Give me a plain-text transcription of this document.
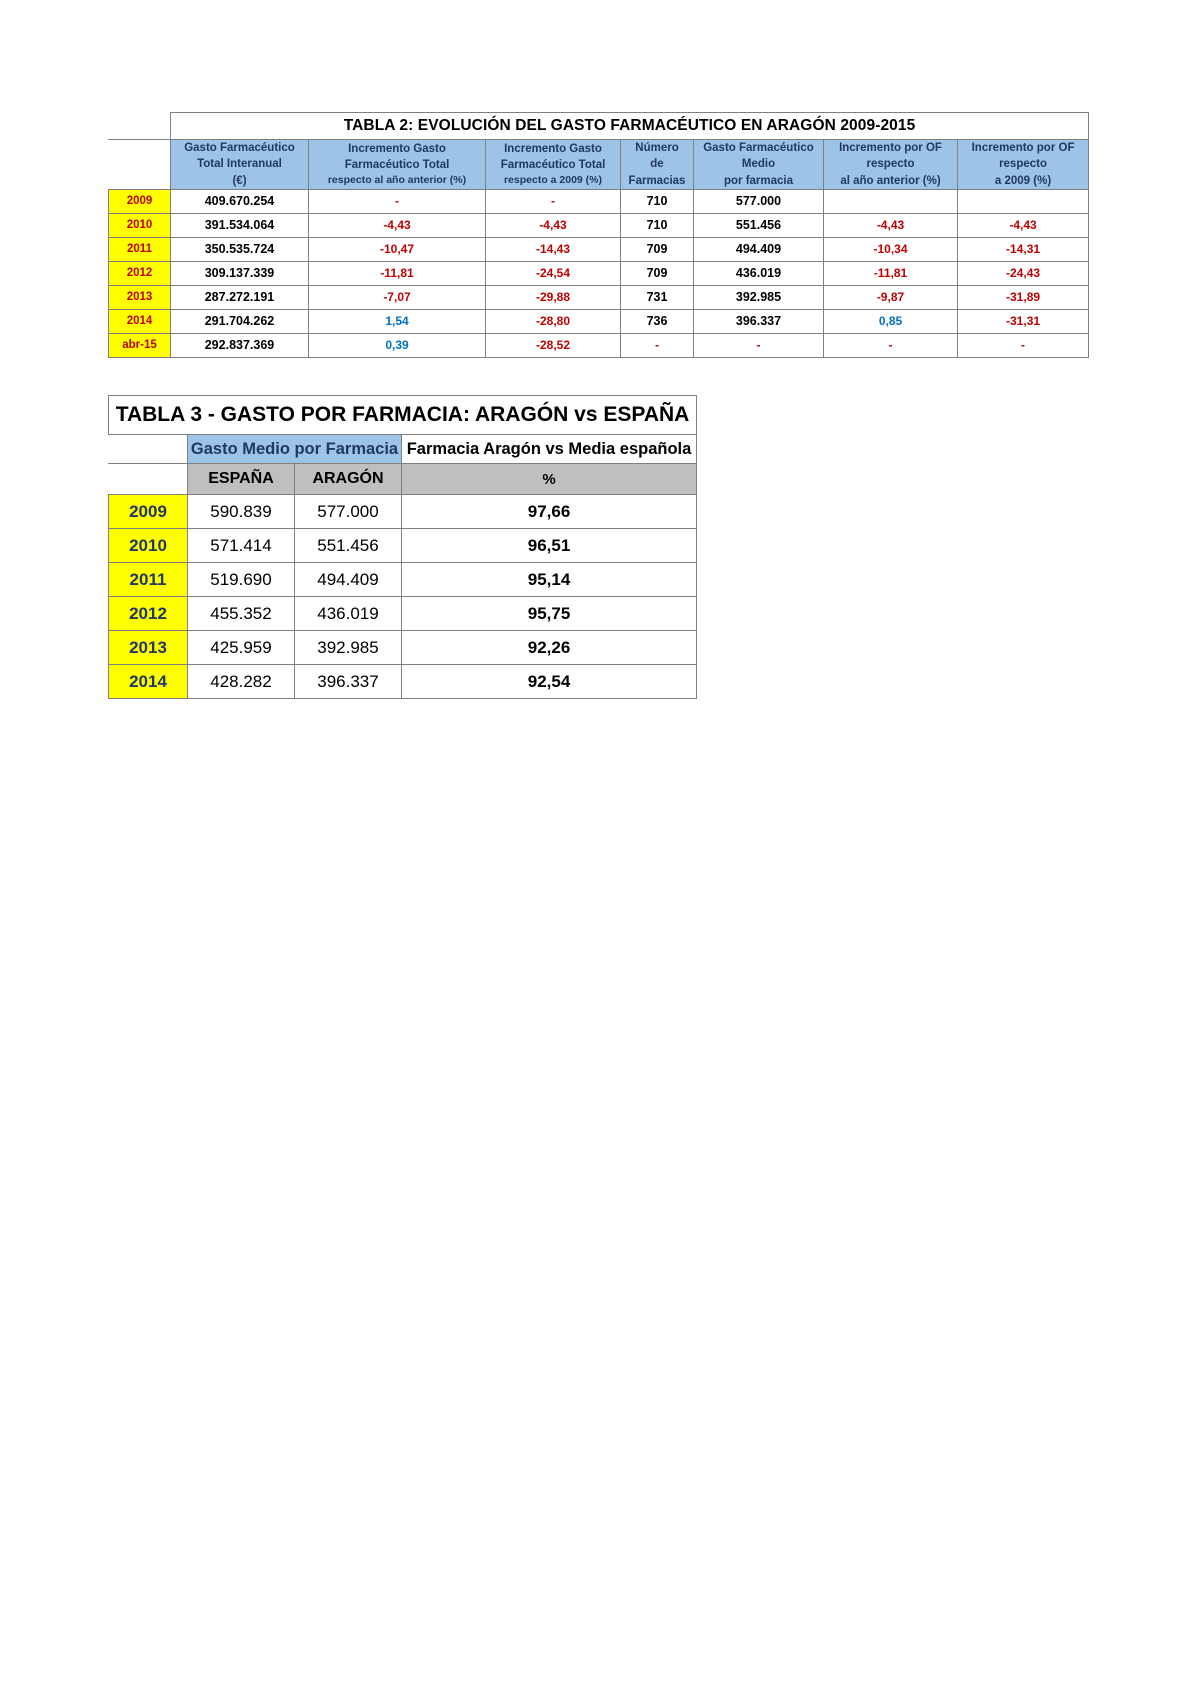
	TABLA 2: EVOLUCIÓN DEL GASTO FARMACÉUTICO EN ARAGÓN 2009-2015						
	Gasto Farmacéutico
Total Interanual
(€)	Incremento Gasto
Farmacéutico Total

respecto al año anterior (%)	Incremento Gasto
Farmacéutico Total

respecto a 2009 (%)	Número
de
Farmacias	Gasto Farmacéutico
Medio
por farmacia	Incremento por OF
respecto
al año anterior (%)	Incremento por OF
respecto
a 2009 (%)
2009	409.670.254	-	-	710	577.000		
2010	391.534.064	-4,43	-4,43	710	551.456	-4,43	-4,43
2011	350.535.724	-10,47	-14,43	709	494.409	-10,34	-14,31
2012	309.137.339	-11,81	-24,54	709	436.019	-11,81	-24,43
2013	287.272.191	-7,07	-29,88	731	392.985	-9,87	-31,89
2014	291.704.262	1,54	-28,80	736	396.337	0,85	-31,31
abr-15	292.837.369	0,39	-28,52	-	-	-	-
TABLA 3 - GASTO POR FARMACIA: ARAGÓN vs ESPAÑA			
	Gasto Medio por Farmacia		Farmacia Aragón vs Media española
	ESPAÑA	ARAGÓN	%
2009	590.839	577.000	97,66
2010	571.414	551.456	96,51
2011	519.690	494.409	95,14
2012	455.352	436.019	95,75
2013	425.959	392.985	92,26
2014	428.282	396.337	92,54
